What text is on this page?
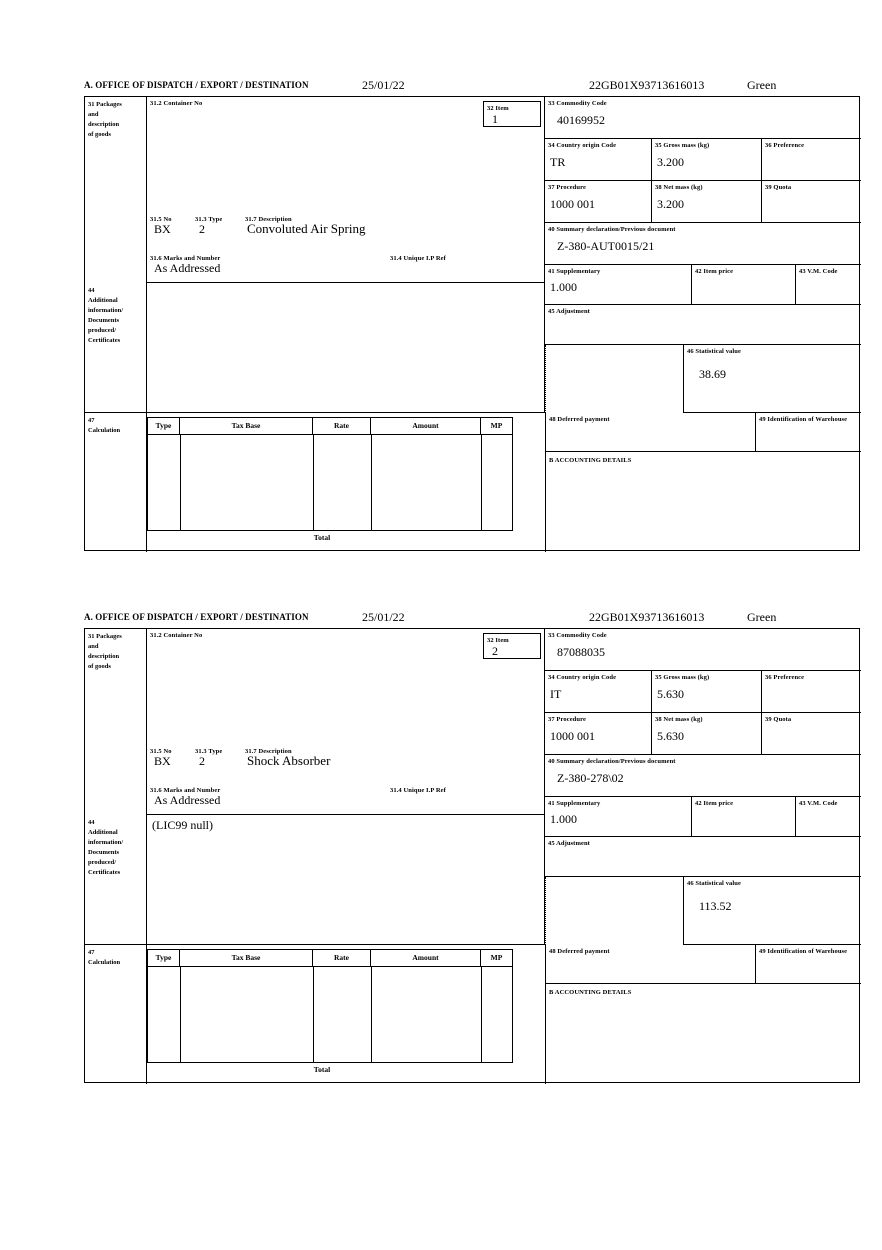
A. OFFICE OF DISPATCH / EXPORT / DESTINATION	25/01/22	22GB01X93713616013	Green
31 Packages
and
description
of goods
31.2 Container No
31.5 No	31.3 Type	31.7 Description
BX	2	Convoluted Air Spring
31.6 Marks and Number	31.4 Unique I.P Ref
As Addressed
32 Item
1
33 Commodity Code
40169952
34 Country origin Code
TR
35 Gross mass (kg)
3.200
36 Preference
37 Procedure
1000 001
38 Net mass (kg)
3.200
39 Quota
40 Summary declaration/Previous document
Z-380-AUT0015/21
41 Supplementary
1.000
42 Item price	43 V.M. Code
44
Additional
information/
Documents
produced/
Certificates
45 Adjustment
46 Statistical value
38.69
47
Calculation
Type	Tax Base	Rate	Amount	MP
Total
48 Deferred payment	49 Identification of Warehouse
B ACCOUNTING DETAILS
A. OFFICE OF DISPATCH / EXPORT / DESTINATION	25/01/22	22GB01X93713616013	Green
31 Packages
and
description
of goods
31.2 Container No
31.5 No	31.3 Type	31.7 Description
BX	2	Shock Absorber
31.6 Marks and Number	31.4 Unique I.P Ref
As Addressed
32 Item
2
33 Commodity Code
87088035
34 Country origin Code
IT
35 Gross mass (kg)
5.630
36 Preference
37 Procedure
1000 001
38 Net mass (kg)
5.630
39 Quota
40 Summary declaration/Previous document
Z-380-278\02
41 Supplementary
1.000
42 Item price	43 V.M. Code
44
Additional
information/
Documents
produced/
Certificates
(LIC99 null)
45 Adjustment
46 Statistical value
113.52
47
Calculation
Type	Tax Base	Rate	Amount	MP
Total
48 Deferred payment	49 Identification of Warehouse
B ACCOUNTING DETAILS
